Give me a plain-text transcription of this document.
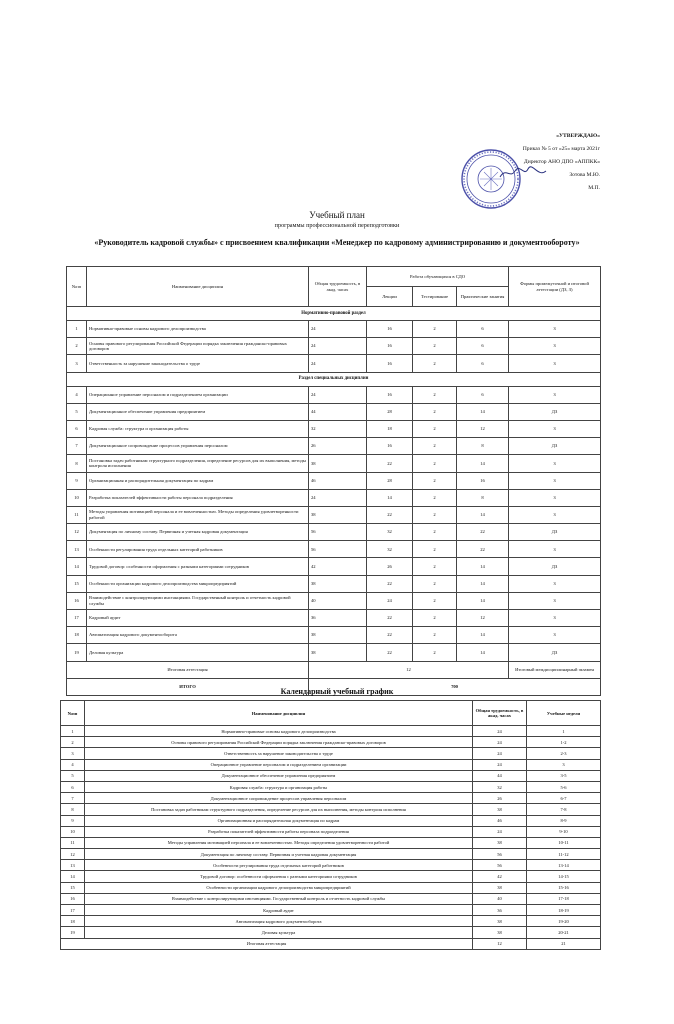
«УТВЕРЖДАЮ»
Приказ № 5 от «25» марта 2021г
Директор АНО ДПО «АППКК»
Зотова М.Ю.
М.П.
Учебный план
программы профессиональной переподготовки
«Руководитель кадровой службы» с присвоением квалификации «Менеджер по кадровому администрированию и документообороту»
№пп	Наименование дисциплин	Общая трудоемкость, в акад. часах	Работа обучающихся в СДО			Формы промежуточной и итоговой аттестации (ДЗ, З)
			Лекции	Тестирование	Практические занятия	
Нормативно-правовой раздел						
1	Нормативно-правовые основы кадрового делопроизводства	24	16	2	6	З
2	Основы правового регулирования Российской Федерации порядка заключения гражданско-правовых договоров	24	16	2	6	З
3	Ответственность за нарушение законодательства о труде	24	16	2	6	З
Раздел специальных дисциплин						
4	Операционное управление персоналом и подразделением организации	24	16	2	6	З
5	Документационное обеспечение управления предприятием	44	28	2	14	ДЗ
6	Кадровая служба: структура и организация работы	32	18	2	12	З
7	Документационное сопровождение процессов управления персоналом	26	16	2	8	ДЗ
8	Постановка задач работникам структурного подразделения, определение ресурсов для их выполнения, методы контроля исполнения	38	22	2	14	З
9	Организационная и распорядительная документация по кадрам	46	28	2	16	З
10	Разработка показателей эффективности работы персонала подразделения	24	14	2	8	З
11	Методы управления мотивацией персонала и ее вовлеченностью. Методы определения удовлетворенности работой	38	22	2	14	З
12	Документация по личному составу. Первичная и учетная кадровая документация	56	32	2	22	ДЗ
13	Особенности регулирования труда отдельных категорий работников	56	32	2	22	З
14	Трудовой договор: особенности оформления с разными категориями сотрудников	42	26	2	14	ДЗ
15	Особенности организации кадрового делопроизводства микропредприятий	38	22	2	14	З
16	Взаимодействие с контролирующими инстанциями. Государственный контроль и отчетность кадровой службы	40	24	2	14	З
17	Кадровый аудит	36	22	2	12	З
18	Автоматизация кадрового документооборота	38	22	2	14	З
19	Деловая культура	38	22	2	14	ДЗ
Итоговая аттестация		12				Итоговый междисциплинарный экзамен
ИТОГО		700				
Календарный учебный график
№пп	Наименование дисциплин	Общая трудоемкость, в акад. часах	Учебные недели
1	Нормативно-правовые основы кадрового делопроизводства	24	1
2	Основы правового регулирования Российской Федерации порядка заключения гражданско-правовых договоров	24	1-2
3	Ответственность за нарушение законодательства о труде	24	2-3
4	Операционное управление персоналом и подразделением организации	24	3
5	Документационное обеспечение управления предприятием	44	3-5
6	Кадровая служба: структура и организация работы	32	5-6
7	Документационное сопровождение процессов управления персоналом	26	6-7
8	Постановка задач работникам структурного подразделения, определение ресурсов для их выполнения, методы контроля исполнения	38	7-8
9	Организационная и распорядительная документация по кадрам	46	8-9
10	Разработка показателей эффективности работы персонала подразделения	24	9-10
11	Методы управления мотивацией персонала и ее вовлеченностью. Методы определения удовлетворенности работой	38	10-11
12	Документация по личному составу. Первичная и учетная кадровая документация	56	11-12
13	Особенности регулирования труда отдельных категорий работников	56	13-14
14	Трудовой договор: особенности оформления с разными категориями сотрудников	42	14-15
15	Особенности организации кадрового делопроизводства микропредприятий	38	15-16
16	Взаимодействие с контролирующими инстанциями. Государственный контроль и отчетность кадровой службы	40	17-18
17	Кадровый аудит	36	18-19
18	Автоматизация кадрового документооборота	38	19-20
19	Деловая культура	38	20-21
Итоговая аттестация		12	21
